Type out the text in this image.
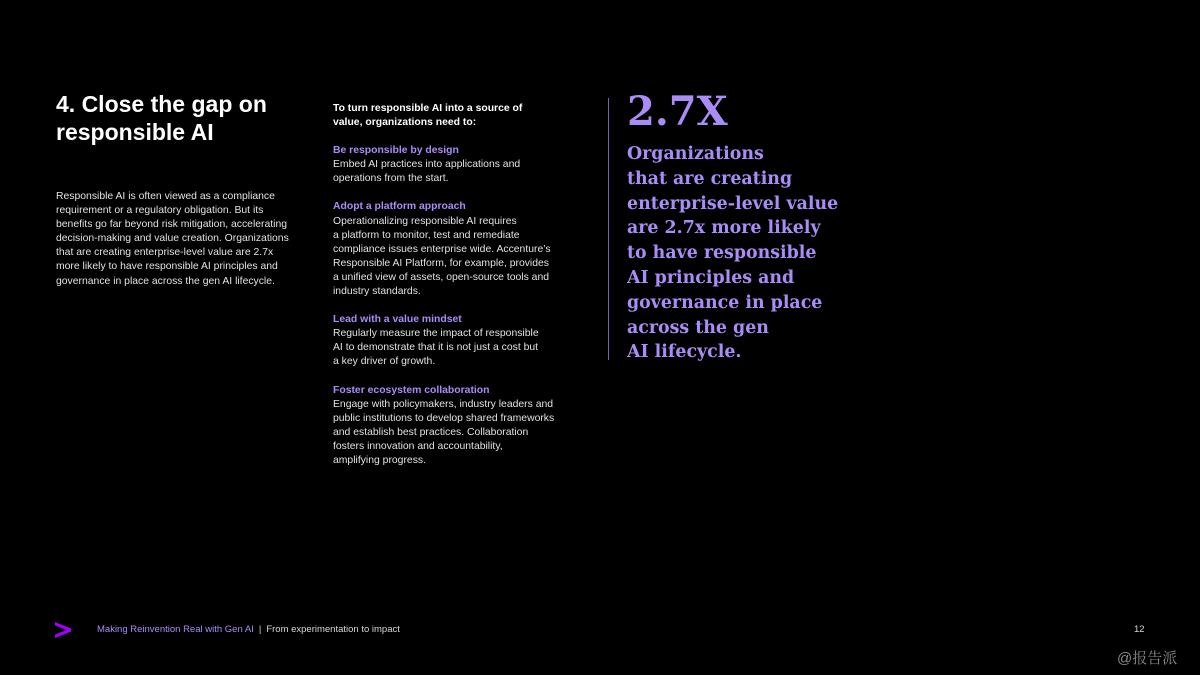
4. Close the gap on
responsible AI
Responsible AI is often viewed as a compliance
requirement or a regulatory obligation. But its
benefits go far beyond risk mitigation, accelerating
decision-making and value creation. Organizations
that are creating enterprise-level value are 2.7x
more likely to have responsible AI principles and
governance in place across the gen AI lifecycle.
To turn responsible AI into a source of
value, organizations need to:
Be responsible by design
Embed AI practices into applications and
operations from the start.
Adopt a platform approach
Operationalizing responsible AI requires
a platform to monitor, test and remediate
compliance issues enterprise wide. Accenture’s
Responsible AI Platform, for example, provides
a unified view of assets, open-source tools and
industry standards.
Lead with a value mindset
Regularly measure the impact of responsible
AI to demonstrate that it is not just a cost but
a key driver of growth.
Foster ecosystem collaboration
Engage with policymakers, industry leaders and
public institutions to develop shared frameworks
and establish best practices. Collaboration
fosters innovation and accountability,
amplifying progress.
2.7X
Organizations
that are creating
enterprise-level value
are 2.7x more likely
to have responsible
AI principles and
governance in place
across the gen
AI lifecycle.
Making Reinvention Real with Gen AI | From experimentation to impact	12
@报告派
